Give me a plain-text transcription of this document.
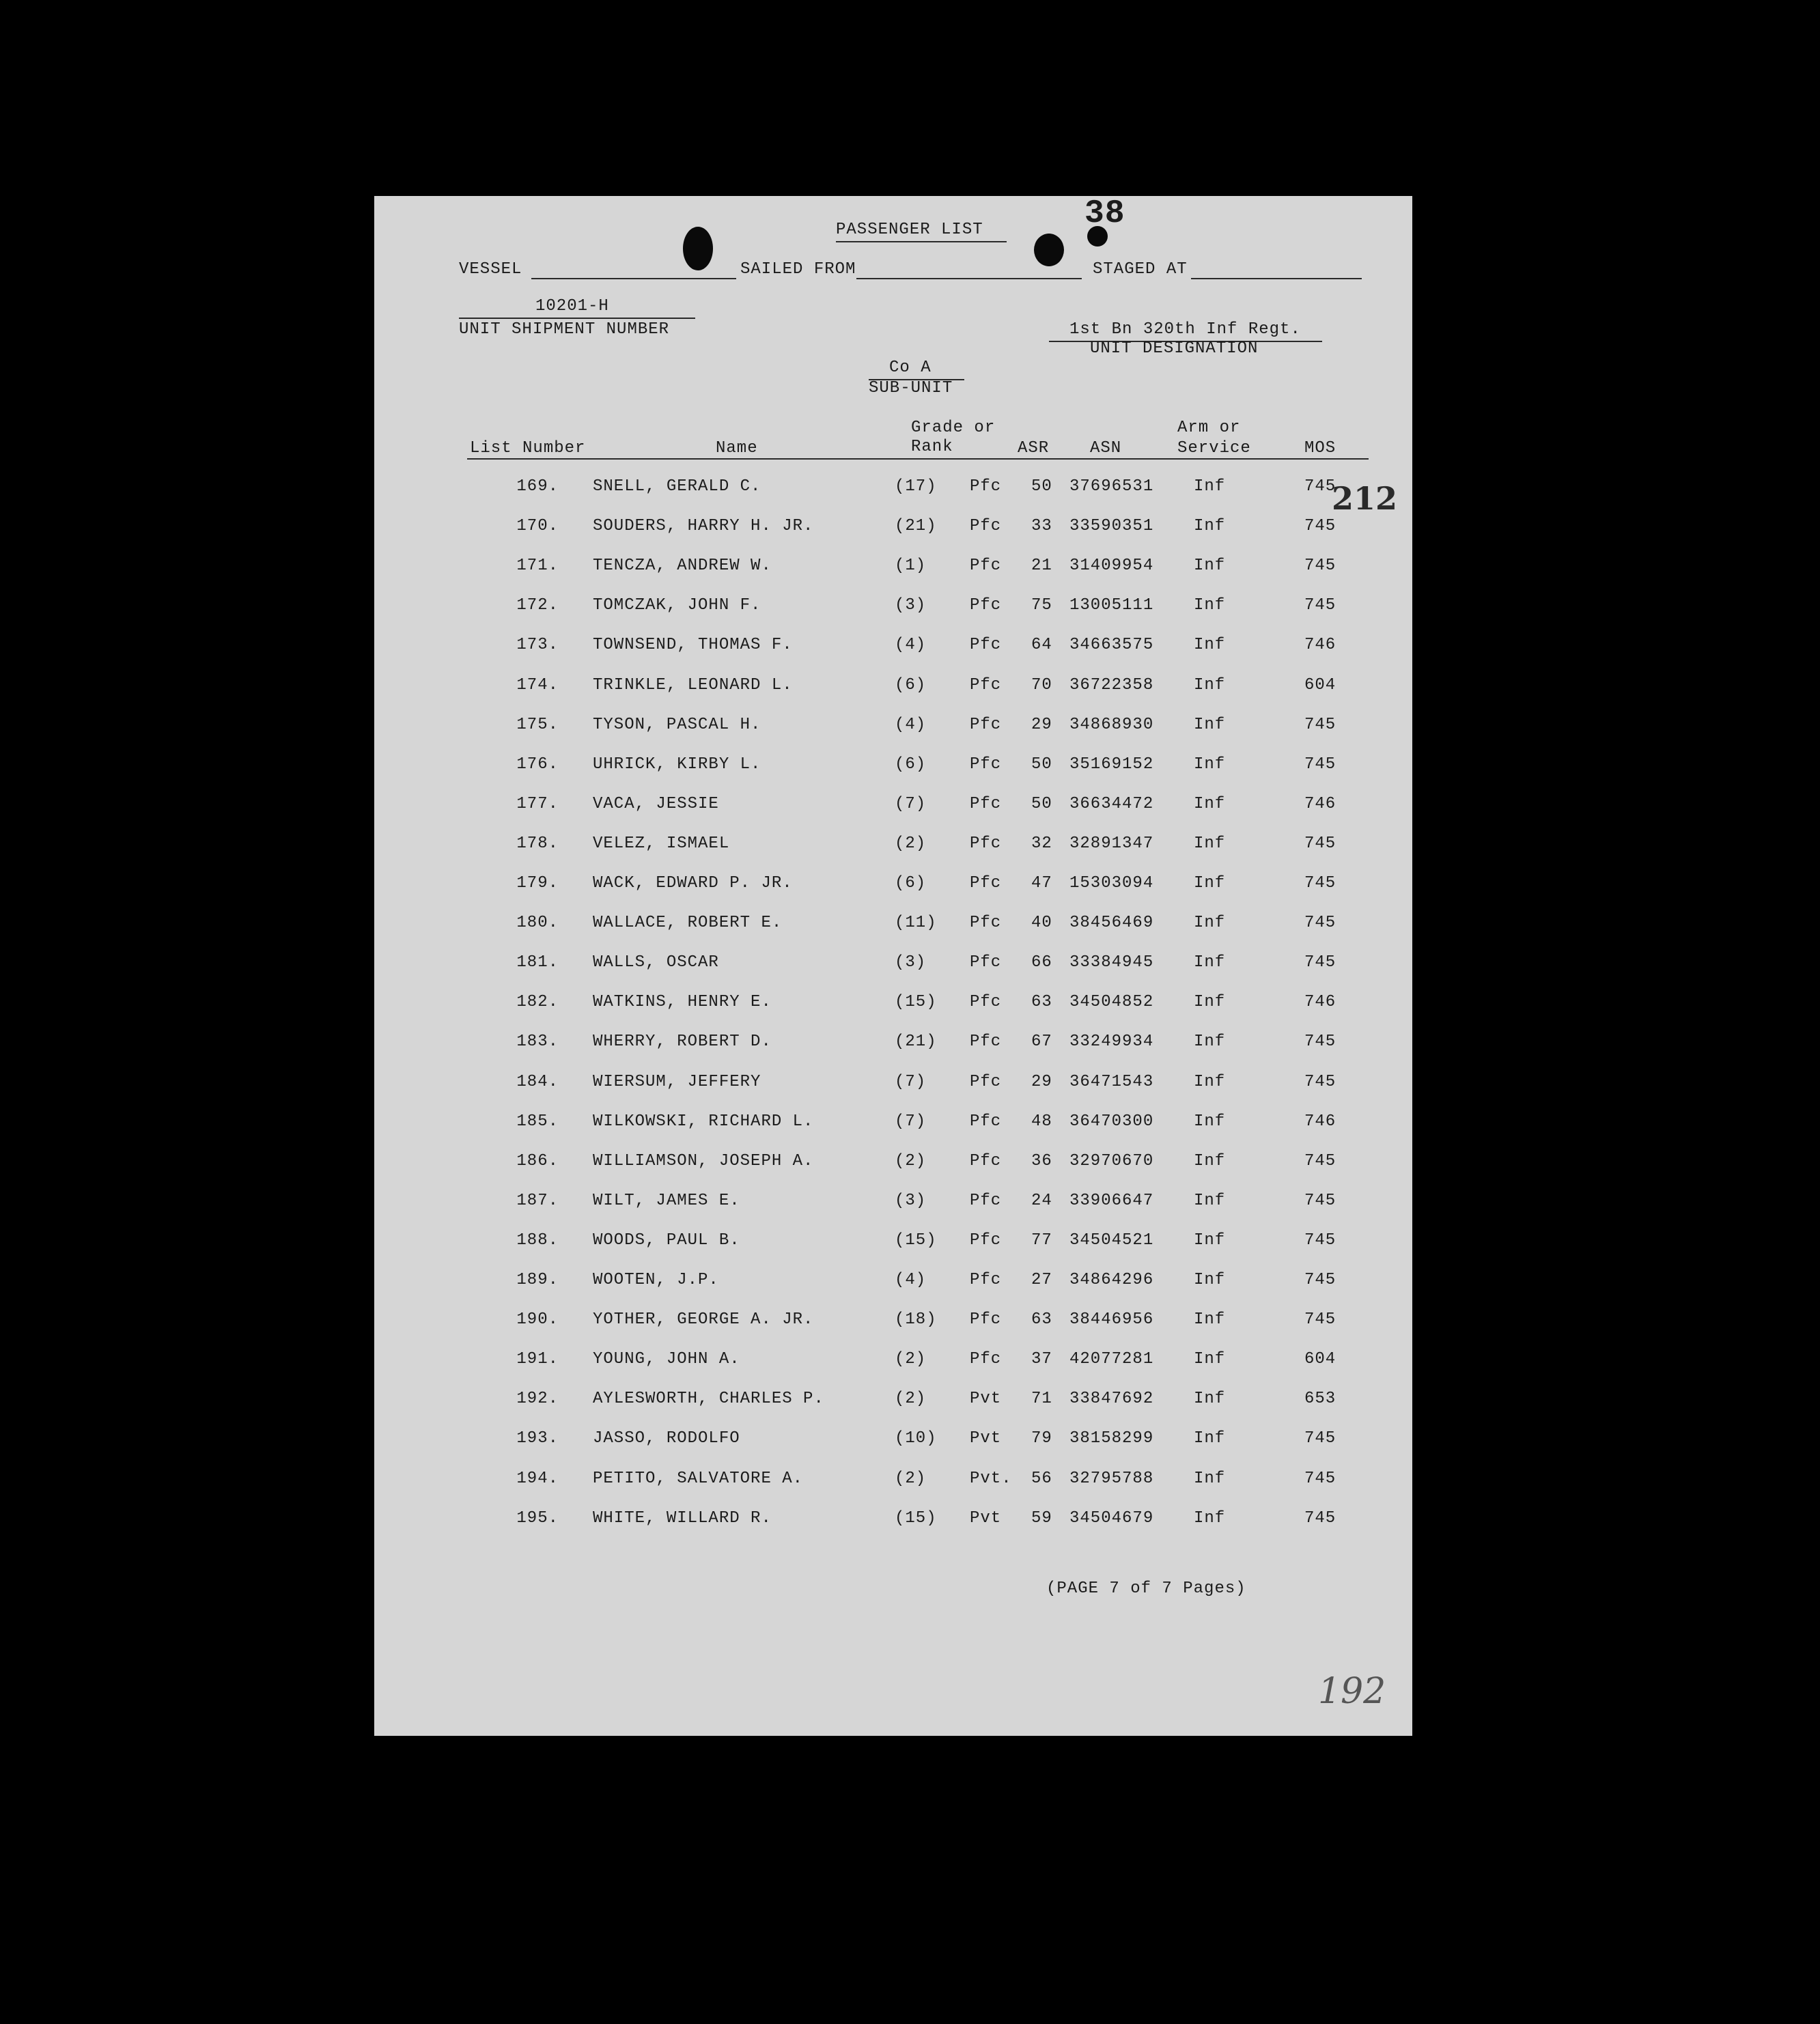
PASSENGER LIST	38
VESSEL	SAILED FROM	STAGED AT
10201-H
UNIT SHIPMENT NUMBER	1st Bn 320th Inf Regt.
UNIT DESIGNATION
212
Co A
SUB-UNIT
List Number	Name
Grade or
Rank	ASR ASN
Arm or
Service	MOS
169. SNELL, GERALD C.	(17) Pfc 50 37696531 Inf	745
170. SOUDERS, HARRY H. JR.	(21) Pfc 33 33590351 Inf	745
171. TENCZA, ANDREW W.	(1)	Pfc 21 31409954 Inf	745
172. TOMCZAK, JOHN F.	(3)	Pfc 75 13005111 Inf	745
173. TOWNSEND, THOMAS F.	(4)	Pfc 64 34663575 Inf	746
174. TRINKLE, LEONARD L.	(6)	Pfc 70 36722358 Inf	604
175. TYSON, PASCAL H.	(4)	Pfc 29 34868930 Inf	745
176. UHRICK, KIRBY L.	(6)	Pfc 50 35169152 Inf	745
177. VACA, JESSIE	(7)	Pfc 50 36634472 Inf	746
178. VELEZ, ISMAEL	(2)	Pfc 32 32891347 Inf	745
179. WACK, EDWARD P. JR.	(6)	Pfc 47 15303094 Inf	745
180. WALLACE, ROBERT E.	(11) Pfc 40 38456469 Inf	745
181. WALLS, OSCAR	(3)	Pfc 66 33384945 Inf	745
182. WATKINS, HENRY E.	(15) Pfc 63 34504852 Inf	746
183. WHERRY, ROBERT D.	(21) Pfc 67 33249934 Inf	745
184. WIERSUM, JEFFERY	(7)	Pfc 29 36471543 Inf	745
185. WILKOWSKI, RICHARD L.	(7)	Pfc 48 36470300 Inf	746
186. WILLIAMSON, JOSEPH A.	(2)	Pfc 36 32970670 Inf	745
187. WILT, JAMES E.	(3)	Pfc 24 33906647 Inf	745
188. WOODS, PAUL B.	(15) Pfc 77 34504521 Inf	745
189. WOOTEN, J.P.	(4)	Pfc 27 34864296 Inf	745
190. YOTHER, GEORGE A. JR.	(18) Pfc 63 38446956 Inf	745
191. YOUNG, JOHN A.	(2)	Pfc 37 42077281 Inf	604
192. AYLESWORTH, CHARLES P.	(2)	Pvt 71 33847692 Inf	653
193. JASSO, RODOLFO	(10) Pvt 79 38158299 Inf	745
194. PETITO, SALVATORE A.	(2)	Pvt. 56 32795788 Inf	745
195. WHITE, WILLARD R.	(15) Pvt 59 34504679 Inf	745
(PAGE 7 of 7 Pages)
192
